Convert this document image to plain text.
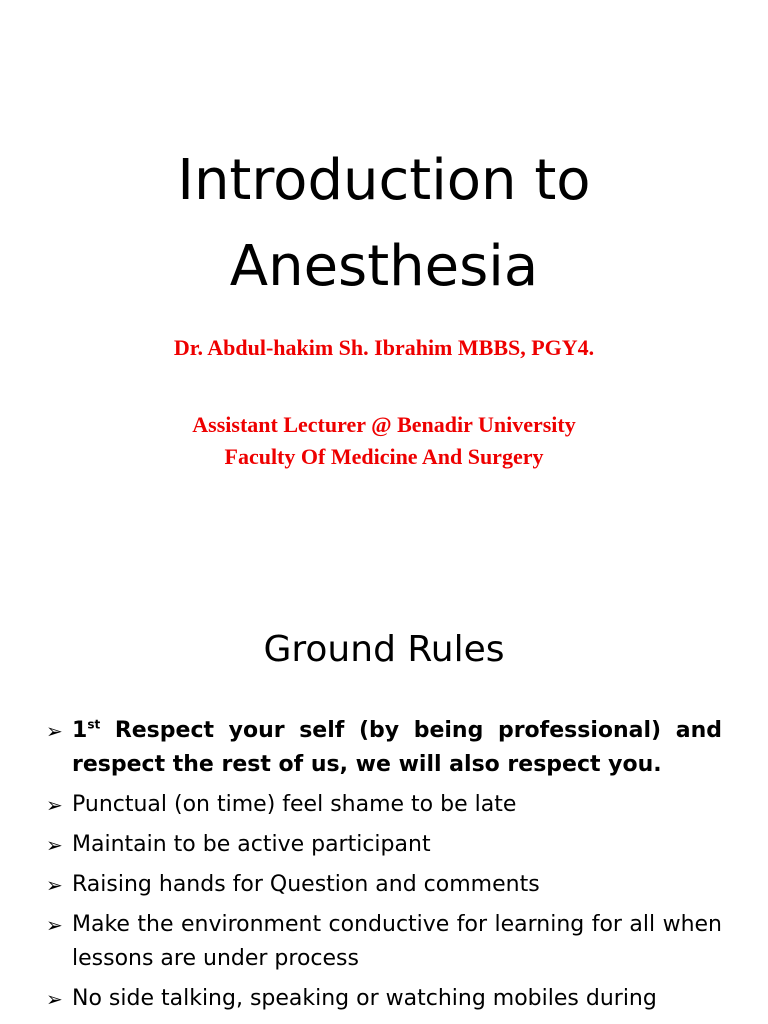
Introduction to
Anesthesia
Dr. Abdul-hakim Sh. Ibrahim MBBS, PGY4.
Assistant Lecturer @ Benadir University
Faculty Of Medicine And Surgery
Ground Rules
➢ 1st Respect your self (by being professional) and respect the rest of us, we will also respect you.
➢ Punctual (on time) feel shame to be late
➢ Maintain to be active participant
➢ Raising hands for Question and comments
➢ Make the environment conductive for learning for all when lessons are under process
➢ No side talking, speaking or watching mobiles during
